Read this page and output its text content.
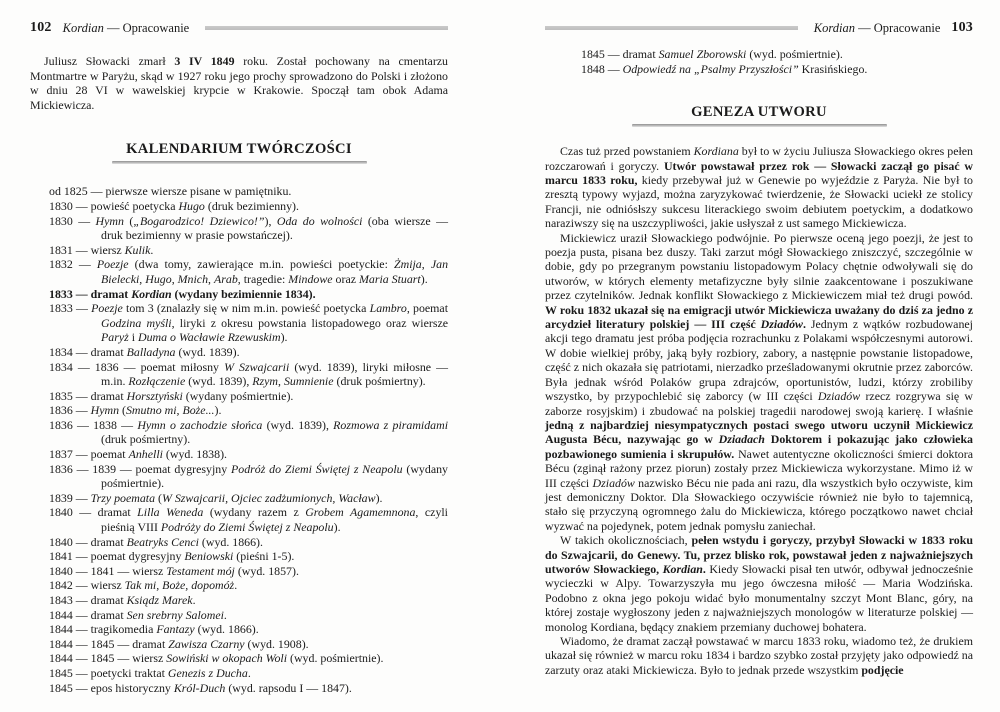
102 Kordian — Opracowanie

Juliusz Słowacki zmarł 3 IV 1849 roku. Został pochowany na cmentarzu Montmartre w Paryżu, skąd w 1927 roku jego prochy sprowadzono do Polski i złożono w dniu 28 VI w wawelskiej krypcie w Krakowie. Spoczął tam obok Adama Mickiewicza.

KALENDARIUM TWÓRCZOŚCI

od 1825 — pierwsze wiersze pisane w pamiętniku.

1830 — powieść poetycka Hugo (druk bezimienny).

1830 — Hymn („Bogarodzico! Dziewico!”), Oda do wolności (oba wiersze — druk bezimienny w prasie powstańczej).

1831 — wiersz Kulik.

1832 — Poezje (dwa tomy, zawierające m.in. powieści poetyckie: Żmija, Jan Bielecki, Hugo, Mnich, Arab, tragedie: Mindowe oraz Maria Stuart).

1833 — dramat Kordian (wydany bezimiennie 1834).

1833 — Poezje tom 3 (znalazły się w nim m.in. powieść poetycka Lambro, poemat Godzina myśli, liryki z okresu powstania listopadowego oraz wiersze Paryż i Duma o Wacławie Rzewuskim).

1834 — dramat Balladyna (wyd. 1839).

1834 — 1836 — poemat miłosny W Szwajcarii (wyd. 1839), liryki miłosne — m.in. Rozłączenie (wyd. 1839), Rzym, Sumnienie (druk pośmiertny).

1835 — dramat Horsztyński (wydany pośmiertnie).

1836 — Hymn (Smutno mi, Boże...).

1836 — 1838 — Hymn o zachodzie słońca (wyd. 1839), Rozmowa z piramidami (druk pośmiertny).

1837 — poemat Anhelli (wyd. 1838).

1836 — 1839 — poemat dygresyjny Podróż do Ziemi Świętej z Neapolu (wydany pośmiertnie).

1839 — Trzy poemata (W Szwajcarii, Ojciec zadżumionych, Wacław).

1840 — dramat Lilla Weneda (wydany razem z Grobem Agamemnona, czyli pieśnią VIII Podróży do Ziemi Świętej z Neapolu).

1840 — dramat Beatryks Cenci (wyd. 1866).

1841 — poemat dygresyjny Beniowski (pieśni 1-5).

1840 — 1841 — wiersz Testament mój (wyd. 1857).

1842 — wiersz Tak mi, Boże, dopomóż.

1843 — dramat Ksiądz Marek.

1844 — dramat Sen srebrny Salomei.

1844 — tragikomedia Fantazy (wyd. 1866).

1844 — 1845 — dramat Zawisza Czarny (wyd. 1908).

1844 — 1845 — wiersz Sowiński w okopach Woli (wyd. pośmiertnie).

1845 — poetycki traktat Genezis z Ducha.

1845 — epos historyczny Król-Duch (wyd. rapsodu I — 1847).

Kordian — Opracowanie 103

1845 — dramat Samuel Zborowski (wyd. pośmiertnie).

1848 — Odpowiedź na „Psalmy Przyszłości” Krasińskiego.

GENEZA UTWORU

Czas tuż przed powstaniem Kordiana był to w życiu Juliusza Słowackiego okres pełen rozczarowań i goryczy. Utwór powstawał przez rok — Słowacki zaczął go pisać w marcu 1833 roku, kiedy przebywał już w Genewie po wyjeździe z Paryża. Nie był to zresztą typowy wyjazd, można zaryzykować twierdzenie, że Słowacki uciekł ze stolicy Francji, nie odniósłszy sukcesu literackiego swoim debiutem poetyckim, a dodatkowo naraziwszy się na uszczypliwości, jakie usłyszał z ust samego Mickiewicza.

Mickiewicz uraził Słowackiego podwójnie. Po pierwsze oceną jego poezji, że jest to poezja pusta, pisana bez duszy. Taki zarzut mógł Słowackiego zniszczyć, szczególnie w dobie, gdy po przegranym powstaniu listopadowym Polacy chętnie odwoływali się do utworów, w których elementy metafizyczne były silnie zaakcentowane i poszukiwane przez czytelników. Jednak konflikt Słowackiego z Mickiewiczem miał też drugi powód. W roku 1832 ukazał się na emigracji utwór Mickiewicza uważany do dziś za jedno z arcydzieł literatury polskiej — III część Dziadów. Jednym z wątków rozbudowanej akcji tego dramatu jest próba podjęcia rozrachunku z Polakami współczesnymi autorowi. W dobie wielkiej próby, jaką były rozbiory, zabory, a następnie powstanie listopadowe, część z nich okazała się patriotami, nierzadko prześladowanymi okrutnie przez zaborców. Była jednak wśród Polaków grupa zdrajców, oportunistów, ludzi, którzy zrobiliby wszystko, by przypochlebić się zaborcy (w III części Dziadów rzecz rozgrywa się w zaborze rosyjskim) i zbudować na polskiej tragedii narodowej swoją karierę. I właśnie jedną z najbardziej niesympatycznych postaci swego utworu uczynił Mickiewicz Augusta Bécu, nazywając go w Dziadach Doktorem i pokazując jako człowieka pozbawionego sumienia i skrupułów. Nawet autentyczne okoliczności śmierci doktora Bécu (zginął rażony przez piorun) zostały przez Mickiewicza wykorzystane. Mimo iż w III części Dziadów nazwisko Bécu nie pada ani razu, dla wszystkich było oczywiste, kim jest demoniczny Doktor. Dla Słowackiego oczywiście również nie było to tajemnicą, stało się przyczyną ogromnego żalu do Mickiewicza, którego początkowo nawet chciał wyzwać na pojedynek, potem jednak pomysłu zaniechał.

W takich okolicznościach, pełen wstydu i goryczy, przybył Słowacki w 1833 roku do Szwajcarii, do Genewy. Tu, przez blisko rok, powstawał jeden z najważniejszych utworów Słowackiego, Kordian. Kiedy Słowacki pisał ten utwór, odbywał jednocześnie wycieczki w Alpy. Towarzyszyła mu jego ówczesna miłość — Maria Wodzińska. Podobno z okna jego pokoju widać było monumentalny szczyt Mont Blanc, góry, na której zostaje wygłoszony jeden z najważniejszych monologów w literaturze polskiej — monolog Kordiana, będący znakiem przemiany duchowej bohatera.

Wiadomo, że dramat zaczął powstawać w marcu 1833 roku, wiadomo też, że drukiem ukazał się również w marcu roku 1834 i bardzo szybko został przyjęty jako odpowiedź na zarzuty oraz ataki Mickiewicza. Było to jednak przede wszystkim podjęcie
